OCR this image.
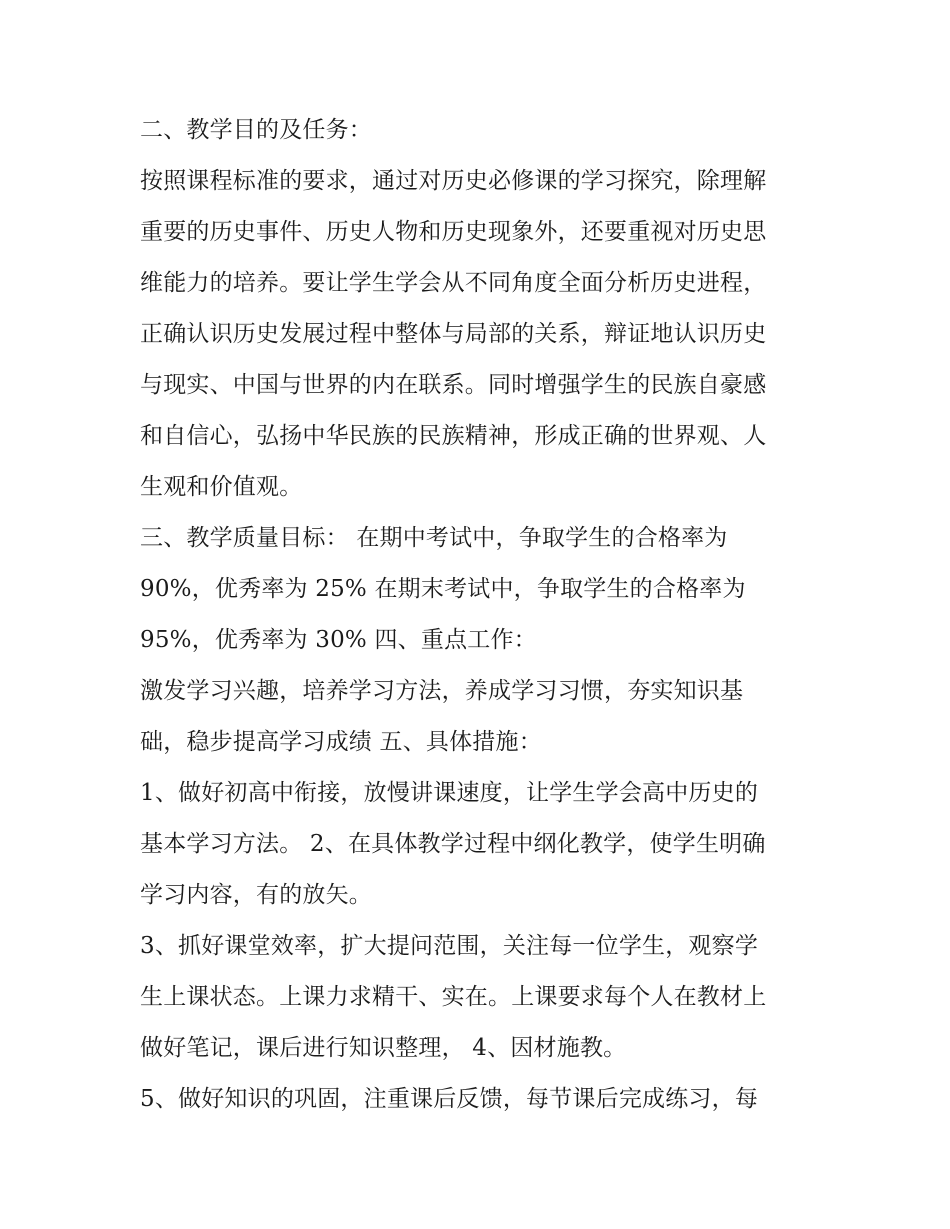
二、教学目的及任务：
按照课程标准的要求，通过对历史必修课的学习探究，除理解
重要的历史事件、历史人物和历史现象外，还要重视对历史思
维能力的培养。要让学生学会从不同角度全面分析历史进程，
正确认识历史发展过程中整体与局部的关系，辩证地认识历史
与现实、中国与世界的内在联系。同时增强学生的民族自豪感
和自信心，弘扬中华民族的民族精神，形成正确的世界观、人
生观和价值观。
三、教学质量目标： 在期中考试中，争取学生的合格率为
90%，优秀率为 25% 在期末考试中，争取学生的合格率为
95%，优秀率为 30% 四、重点工作：
激发学习兴趣，培养学习方法，养成学习习惯，夯实知识基
础，稳步提高学习成绩 五、具体措施：
1、做好初高中衔接，放慢讲课速度，让学生学会高中历史的
基本学习方法。 2、在具体教学过程中纲化教学，使学生明确
学习内容，有的放矢。
3、抓好课堂效率，扩大提问范围，关注每一位学生，观察学
生上课状态。上课力求精干、实在。上课要求每个人在教材上
做好笔记，课后进行知识整理， 4、因材施教。
5、做好知识的巩固，注重课后反馈，每节课后完成练习，每
